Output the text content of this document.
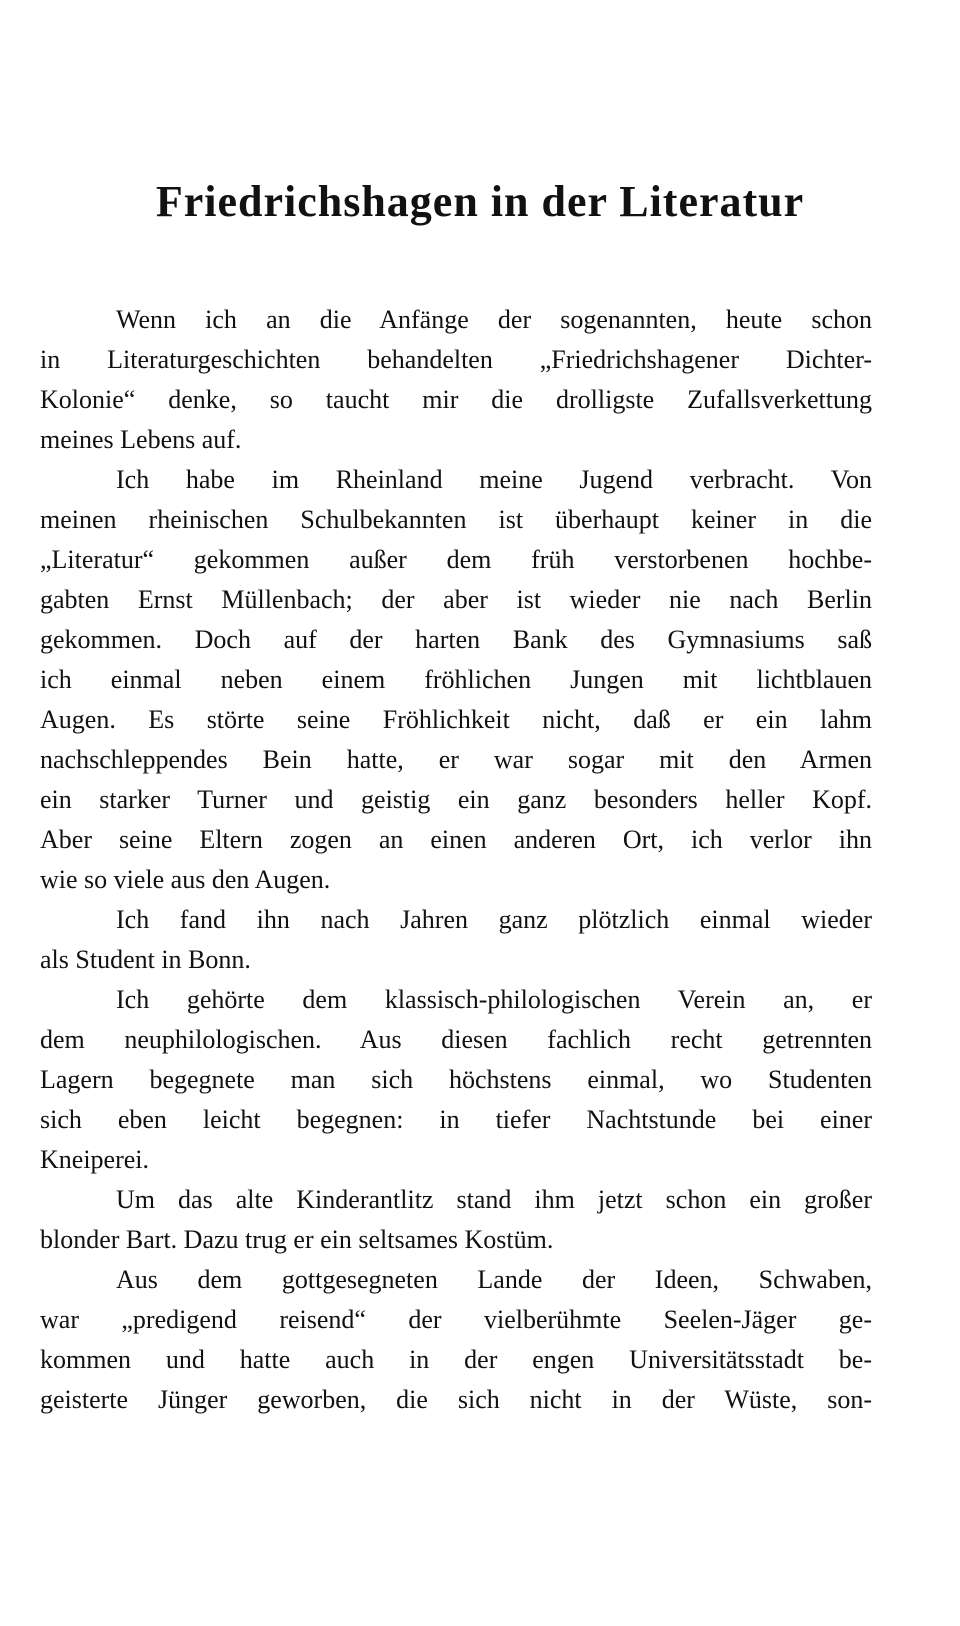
Friedrichshagen in der Literatur
Wenn ich an die Anfänge der sogenannten, heute schon
in Literaturgeschichten behandelten „Friedrichshagener Dichter-
Kolonie“ denke, so taucht mir die drolligste Zufallsverkettung
meines Lebens auf.
Ich habe im Rheinland meine Jugend verbracht. Von
meinen rheinischen Schulbekannten ist überhaupt keiner in die
„Literatur“ gekommen außer dem früh verstorbenen hochbe-
gabten Ernst Müllenbach; der aber ist wieder nie nach Berlin
gekommen. Doch auf der harten Bank des Gymnasiums saß
ich einmal neben einem fröhlichen Jungen mit lichtblauen
Augen. Es störte seine Fröhlichkeit nicht, daß er ein lahm
nachschleppendes Bein hatte, er war sogar mit den Armen
ein starker Turner und geistig ein ganz besonders heller Kopf.
Aber seine Eltern zogen an einen anderen Ort, ich verlor ihn
wie so viele aus den Augen.
Ich fand ihn nach Jahren ganz plötzlich einmal wieder
als Student in Bonn.
Ich gehörte dem klassisch-philologischen Verein an, er
dem neuphilologischen. Aus diesen fachlich recht getrennten
Lagern begegnete man sich höchstens einmal, wo Studenten
sich eben leicht begegnen: in tiefer Nachtstunde bei einer
Kneiperei.
Um das alte Kinderantlitz stand ihm jetzt schon ein großer
blonder Bart. Dazu trug er ein seltsames Kostüm.
Aus dem gottgesegneten Lande der Ideen, Schwaben,
war „predigend reisend“ der vielberühmte Seelen-Jäger ge-
kommen und hatte auch in der engen Universitätsstadt be-
geisterte Jünger geworben, die sich nicht in der Wüste, son-
